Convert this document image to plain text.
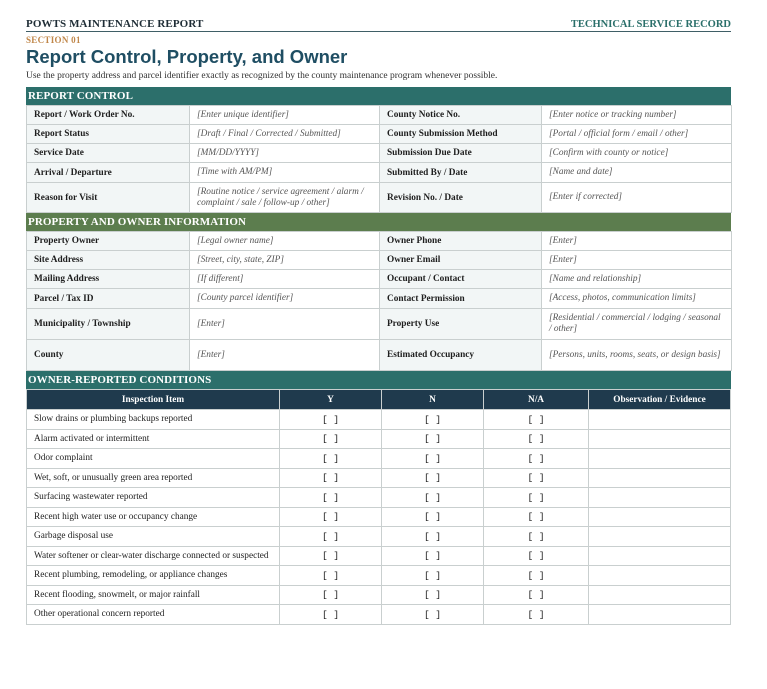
POWTS MAINTENANCE REPORT	TECHNICAL SERVICE RECORD
SECTION 01
Report Control, Property, and Owner
Use the property address and parcel identifier exactly as recognized by the county maintenance program whenever possible.
REPORT CONTROL
Report / Work Order No.	[Enter unique identifier]	County Notice No.	[Enter notice or tracking number]
Report Status	[Draft / Final / Corrected / Submitted]	County Submission Method	[Portal / official form / email / other]
Service Date	[MM/DD/YYYY]	Submission Due Date	[Confirm with county or notice]
Arrival / Departure	[Time with AM/PM]	Submitted By / Date	[Name and date]
Reason for Visit	[Routine notice / service agreement / alarm / complaint / sale / follow-up / other]	Revision No. / Date	[Enter if corrected]
PROPERTY AND OWNER INFORMATION
Property Owner	[Legal owner name]	Owner Phone	[Enter]
Site Address	[Street, city, state, ZIP]	Owner Email	[Enter]
Mailing Address	[If different]	Occupant / Contact	[Name and relationship]
Parcel / Tax ID	[County parcel identifier]	Contact Permission	[Access, photos, communication limits]
Municipality / Township	[Enter]	Property Use	[Residential / commercial / lodging / seasonal / other]
County	[Enter]	Estimated Occupancy	[Persons, units, rooms, seats, or design basis]
OWNER-REPORTED CONDITIONS
Inspection Item	Y	N	N/A	Observation / Evidence
Slow drains or plumbing backups reported	[ ]	[ ]	[ ]	
Alarm activated or intermittent	[ ]	[ ]	[ ]	
Odor complaint	[ ]	[ ]	[ ]	
Wet, soft, or unusually green area reported	[ ]	[ ]	[ ]	
Surfacing wastewater reported	[ ]	[ ]	[ ]	
Recent high water use or occupancy change	[ ]	[ ]	[ ]	
Garbage disposal use	[ ]	[ ]	[ ]	
Water softener or clear-water discharge connected or suspected	[ ]	[ ]	[ ]	
Recent plumbing, remodeling, or appliance changes	[ ]	[ ]	[ ]	
Recent flooding, snowmelt, or major rainfall	[ ]	[ ]	[ ]	
Other operational concern reported	[ ]	[ ]	[ ]	
